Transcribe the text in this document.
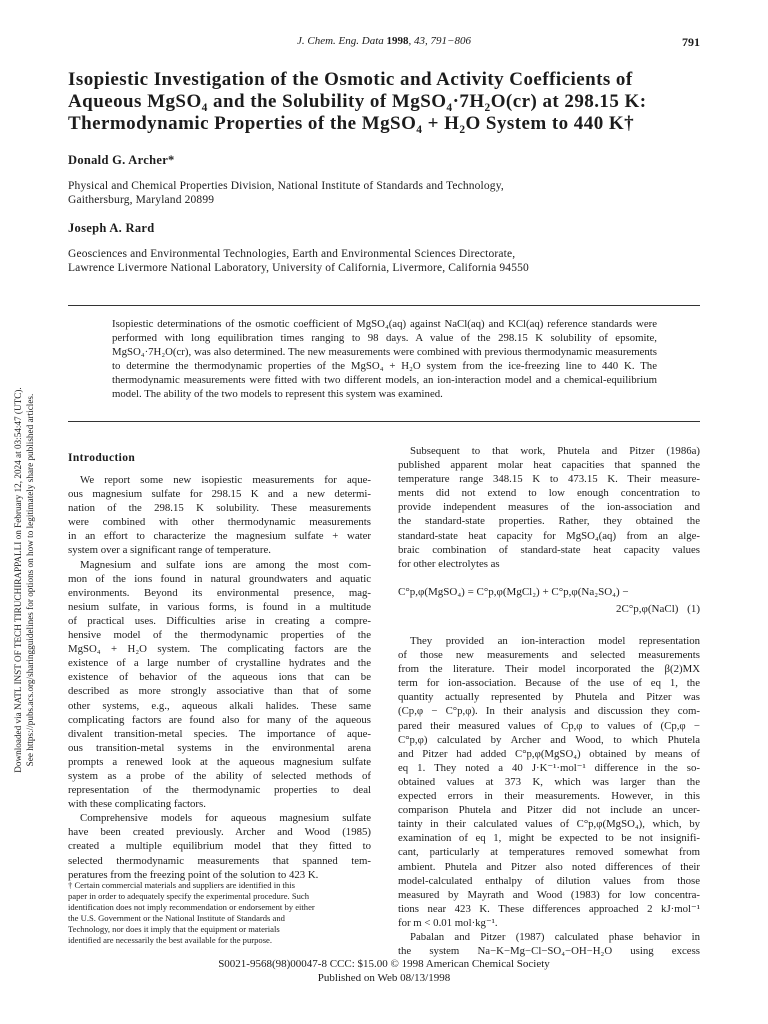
J. Chem. Eng. Data 1998, 43, 791−806	791
Isopiestic Investigation of the Osmotic and Activity Coefficients of
Aqueous MgSO₄ and the Solubility of MgSO₄·7H₂O(cr) at 298.15 K:
Thermodynamic Properties of the MgSO₄ + H₂O System to 440 K†
Donald G. Archer*
Physical and Chemical Properties Division, National Institute of Standards and Technology,
Gaithersburg, Maryland 20899
Joseph A. Rard
Geosciences and Environmental Technologies, Earth and Environmental Sciences Directorate,
Lawrence Livermore National Laboratory, University of California, Livermore, California 94550
Isopiestic determinations of the osmotic coefficient of MgSO₄(aq) against NaCl(aq) and KCl(aq) reference standards were performed with long equilibration times ranging to 98 days. A value of the 298.15 K solubility of epsomite, MgSO₄·7H₂O(cr), was also determined. The new measurements were combined with previous thermodynamic measurements to determine the thermodynamic properties of the MgSO₄ + H₂O system from the ice-freezing line to 440 K. The thermodynamic measurements were fitted with two different models, an ion-interaction model and a chemical-equilibrium model. The ability of the two models to represent this system was examined.
Introduction
We report some new isopiestic measurements for aque-
ous magnesium sulfate for 298.15 K and a new determi-
nation of the 298.15 K solubility. These measurements
were combined with other thermodynamic measurements
in an effort to characterize the magnesium sulfate + water
system over a significant range of temperature.
Magnesium and sulfate ions are among the most com-
mon of the ions found in natural groundwaters and aquatic
environments. Beyond its environmental presence, mag-
nesium sulfate, in various forms, is found in a multitude
of practical uses. Difficulties arise in creating a compre-
hensive model of the thermodynamic properties of the
MgSO₄ + H₂O system. The complicating factors are the
existence of a large number of crystalline hydrates and the
existence of behavior of the aqueous ions that can be
described as more strongly associative than that of some
other systems, e.g., aqueous alkali halides. These same
complicating factors are found also for many of the aqueous
divalent transition-metal species. The importance of aque-
ous transition-metal systems in the environmental arena
prompts a renewed look at the aqueous magnesium sulfate
system as a probe of the ability of selected methods of
representation of the thermodynamic properties to deal
with these complicating factors.
Comprehensive models for aqueous magnesium sulfate
have been created previously. Archer and Wood (1985)
created a multiple equilibrium model that they fitted to
selected thermodynamic measurements that spanned tem-
peratures from the freezing point of the solution to 423 K.
† Certain commercial materials and suppliers are identified in this
paper in order to adequately specify the experimental procedure. Such
identification does not imply recommendation or endorsement by either
the U.S. Government or the National Institute of Standards and
Technology, nor does it imply that the equipment or materials
identified are necessarily the best available for the purpose.
Subsequent to that work, Phutela and Pitzer (1986a)
published apparent molar heat capacities that spanned the
temperature range 348.15 K to 473.15 K. Their measure-
ments did not extend to low enough concentration to
provide independent measures of the ion-association and
the standard-state properties. Rather, they obtained the
standard-state heat capacity for MgSO₄(aq) from an alge-
braic combination of standard-state heat capacity values
for other electrolytes as
C°p,φ(MgSO₄) = C°p,φ(MgCl₂) + C°p,φ(Na₂SO₄) −
2C°p,φ(NaCl) (1)
They provided an ion-interaction model representation
of those new measurements and selected measurements
from the literature. Their model incorporated the β(2)MX
term for ion-association. Because of the use of eq 1, the
quantity actually represented by Phutela and Pitzer was
(Cp,φ − C°p,φ). In their analysis and discussion they com-
pared their measured values of Cp,φ to values of (Cp,φ −
C°p,φ) calculated by Archer and Wood, to which Phutela
and Pitzer had added C°p,φ(MgSO₄) obtained by means of
eq 1. They noted a 40 J·K⁻¹·mol⁻¹ difference in the so-
obtained values at 373 K, which was larger than the
expected errors in their measurements. However, in this
comparison Phutela and Pitzer did not include an uncer-
tainty in their calculated values of C°p,φ(MgSO₄), which, by
examination of eq 1, might be expected to be not insignifi-
cant, particularly at temperatures removed somewhat from
ambient. Phutela and Pitzer also noted differences of their
model-calculated enthalpy of dilution values from those
measured by Mayrath and Wood (1983) for low concentra-
tions near 423 K. These differences approached 2 kJ·mol⁻¹
for m < 0.01 mol·kg⁻¹.
Pabalan and Pitzer (1987) calculated phase behavior in
the system Na−K−Mg−Cl−SO₄−OH−H₂O using excess
Downloaded via NATL INST OF TECH TIRUCHIRAPPALLI on February 12, 2024 at 03:54:47 (UTC). See https://pubs.acs.org/sharingguidelines for options on how to legitimately share published articles.
S0021-9568(98)00047-8 CCC: $15.00 © 1998 American Chemical Society
Published on Web 08/13/1998
